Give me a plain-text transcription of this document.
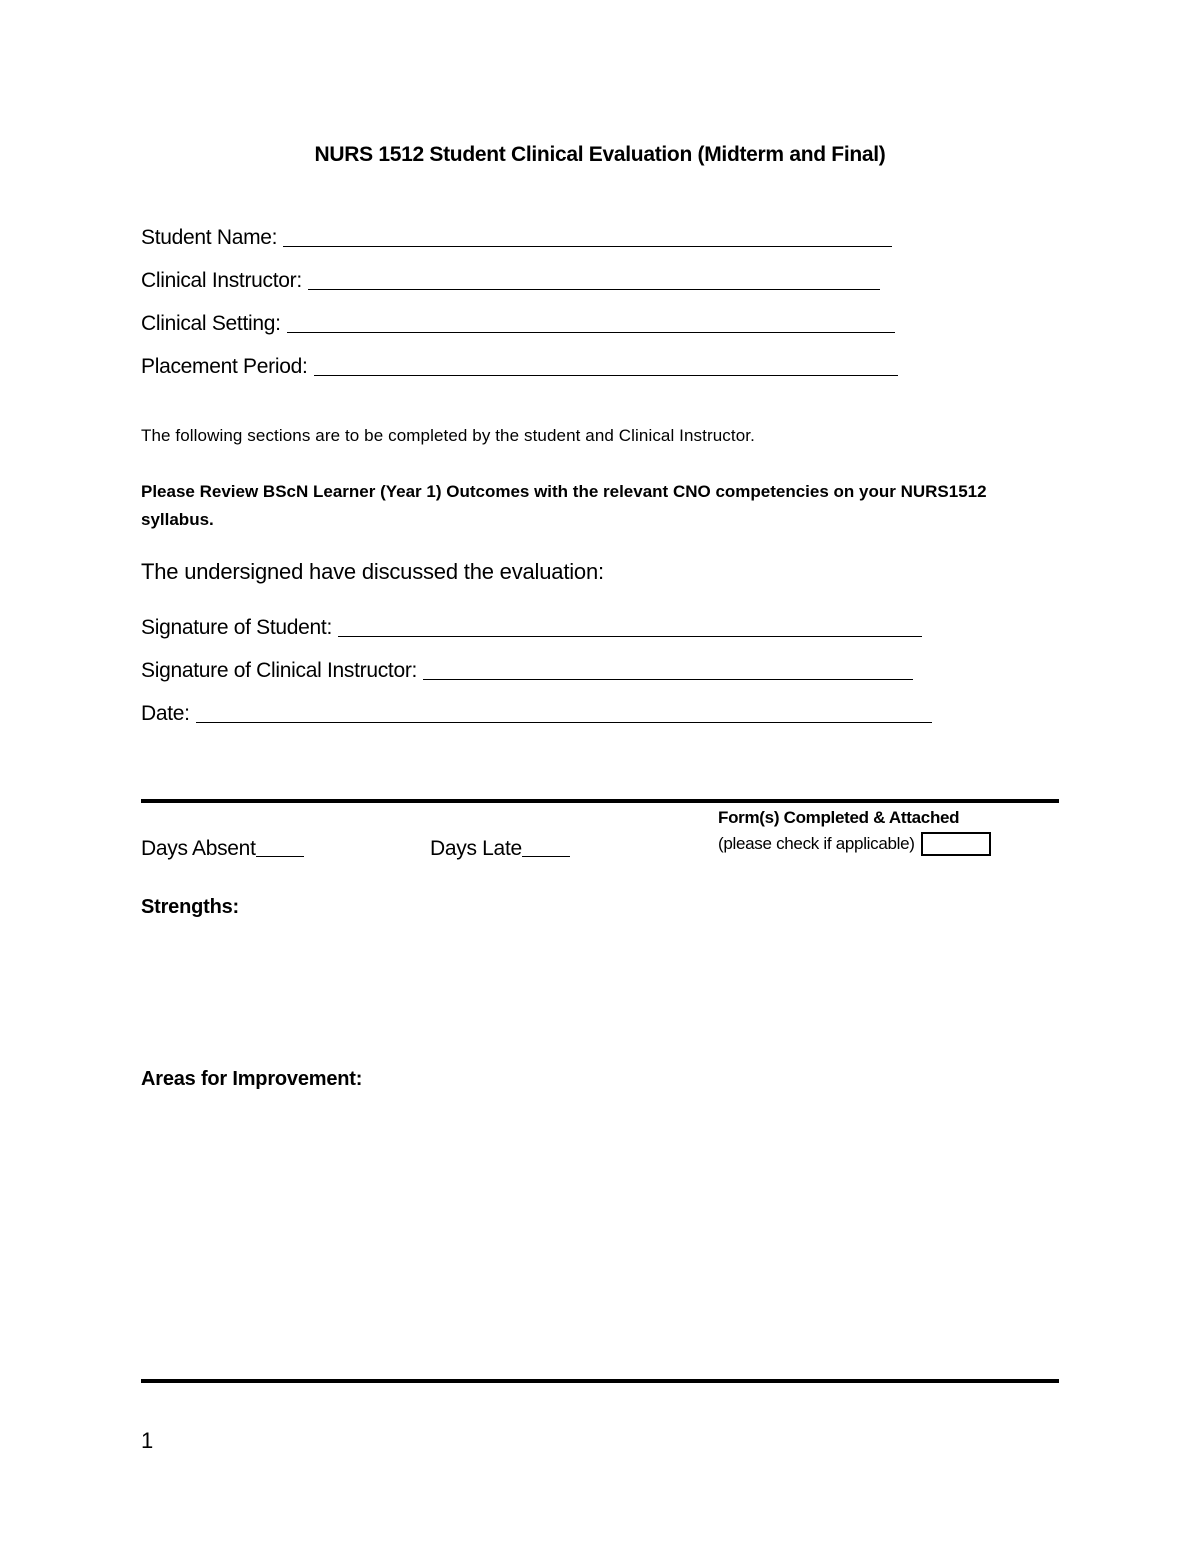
NURS 1512 Student Clinical Evaluation (Midterm and Final)
Student Name:
Clinical Instructor:
Clinical Setting:
Placement Period:
The following sections are to be completed by the student and Clinical Instructor.
Please Review BScN Learner (Year 1) Outcomes with the relevant CNO competencies on your NURS1512 syllabus.
The undersigned have discussed the evaluation:
Signature of Student:
Signature of Clinical Instructor:
Date:
Days Absent	Days Late
Form(s) Completed & Attached
(please check if applicable)
Strengths:
Areas for Improvement:
1
